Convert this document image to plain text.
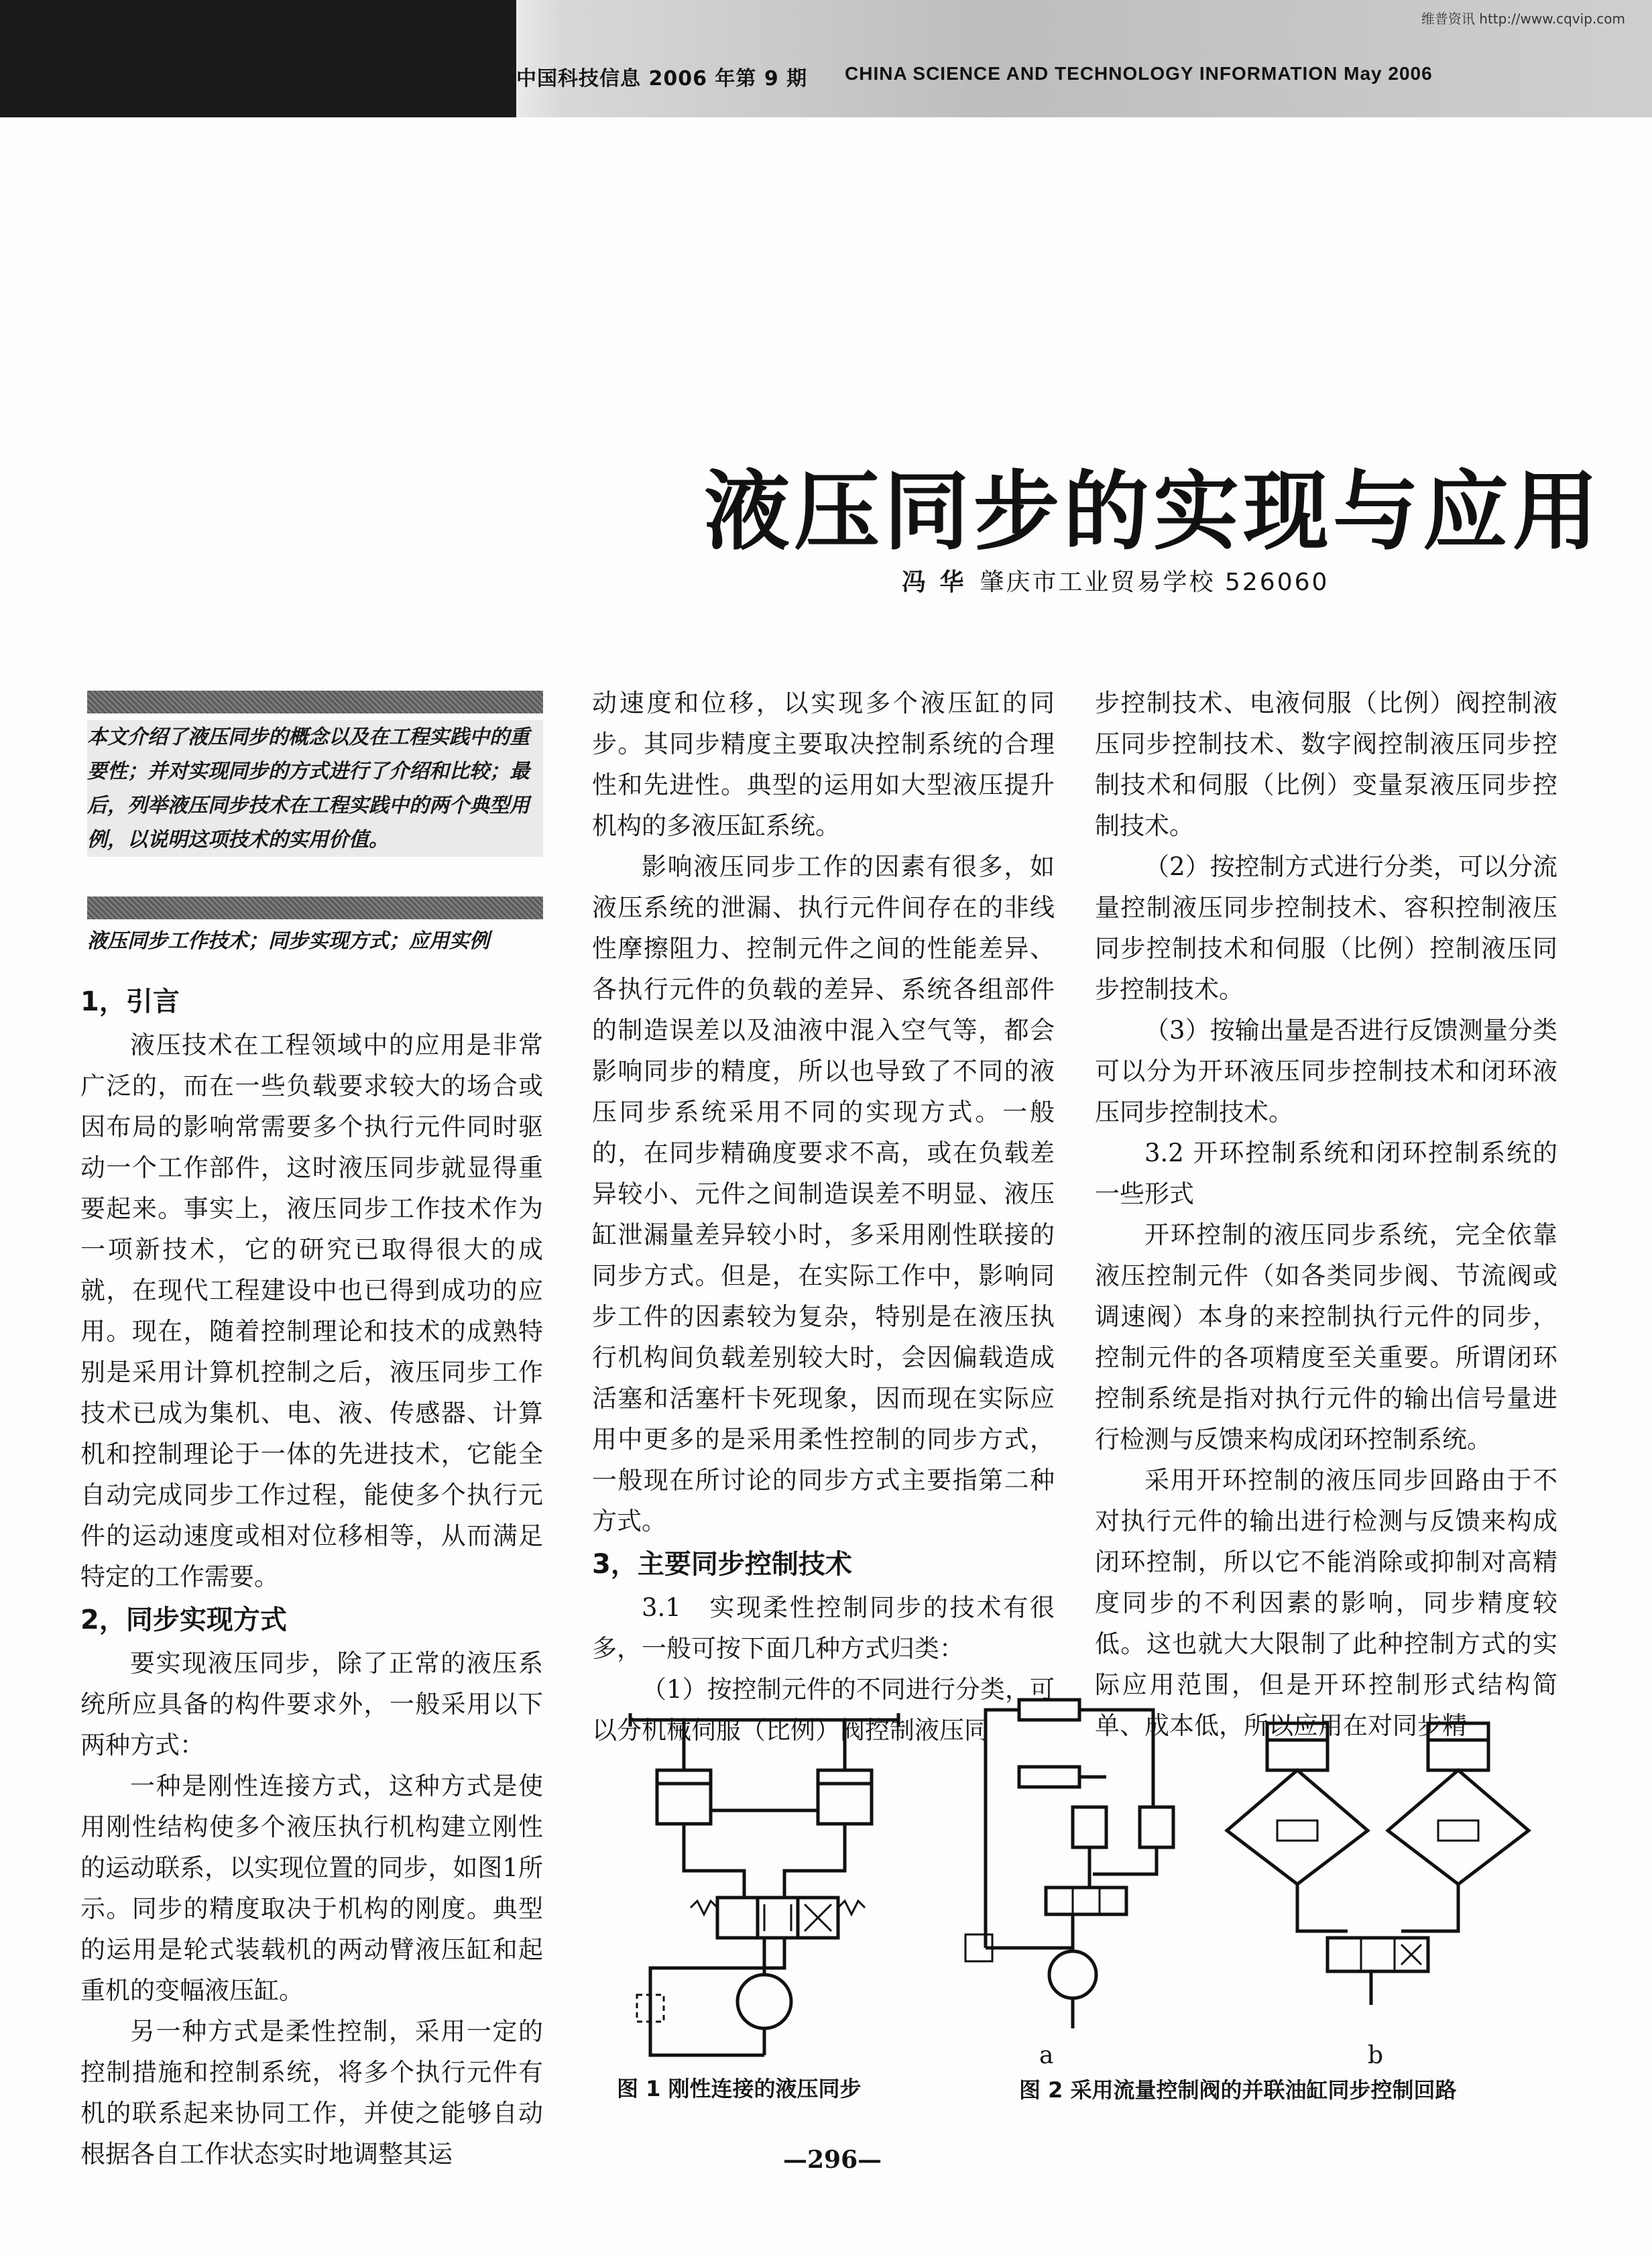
中国科技信息 2006 年第 9 期 CHINA SCIENCE AND TECHNOLOGY INFORMATION May 2006
维普资讯 http://www.cqvip.com
液压同步的实现与应用
冯 华 肇庆市工业贸易学校 526060
本文介绍了液压同步的概念以及在工程实践中的重要性；并对实现同步的方式进行了介绍和比较；最后，列举液压同步技术在工程实践中的两个典型用例，以说明这项技术的实用价值。
液压同步工作技术；同步实现方式；应用实例
1，引言

液压技术在工程领域中的应用是非常广泛的，而在一些负载要求较大的场合或因布局的影响常需要多个执行元件同时驱动一个工作部件，这时液压同步就显得重要起来。事实上，液压同步工作技术作为一项新技术，它的研究已取得很大的成就，在现代工程建设中也已得到成功的应用。现在，随着控制理论和技术的成熟特别是采用计算机控制之后，液压同步工作技术已成为集机、电、液、传感器、计算机和控制理论于一体的先进技术，它能全自动完成同步工作过程，能使多个执行元件的运动速度或相对位移相等，从而满足特定的工作需要。

2，同步实现方式

要实现液压同步，除了正常的液压系统所应具备的构件要求外，一般采用以下两种方式：

一种是刚性连接方式，这种方式是使用刚性结构使多个液压执行机构建立刚性的运动联系，以实现位置的同步，如图1所示。同步的精度取决于机构的刚度。典型的运用是轮式装载机的两动臂液压缸和起重机的变幅液压缸。

另一种方式是柔性控制，采用一定的控制措施和控制系统，将多个执行元件有机的联系起来协同工作，并使之能够自动根据各自工作状态实时地调整其运

动速度和位移，以实现多个液压缸的同步。其同步精度主要取决控制系统的合理性和先进性。典型的运用如大型液压提升机构的多液压缸系统。

影响液压同步工作的因素有很多，如液压系统的泄漏、执行元件间存在的非线性摩擦阻力、控制元件之间的性能差异、各执行元件的负载的差异、系统各组部件的制造误差以及油液中混入空气等，都会影响同步的精度，所以也导致了不同的液压同步系统采用不同的实现方式。一般的，在同步精确度要求不高，或在负载差异较小、元件之间制造误差不明显、液压缸泄漏量差异较小时，多采用刚性联接的同步方式。但是，在实际工作中，影响同步工件的因素较为复杂，特别是在液压执行机构间负载差别较大时，会因偏载造成活塞和活塞杆卡死现象，因而现在实际应用中更多的是采用柔性控制的同步方式，一般现在所讨论的同步方式主要指第二种方式。

3，主要同步控制技术

3.1　实现柔性控制同步的技术有很多，一般可按下面几种方式归类：

（1）按控制元件的不同进行分类，可以分机械伺服（比例）阀控制液压同

步控制技术、电液伺服（比例）阀控制液压同步控制技术、数字阀控制液压同步控制技术和伺服（比例）变量泵液压同步控制技术。

（2）按控制方式进行分类，可以分流量控制液压同步控制技术、容积控制液压同步控制技术和伺服（比例）控制液压同步控制技术。

（3）按输出量是否进行反馈测量分类可以分为开环液压同步控制技术和闭环液压同步控制技术。

3.2 开环控制系统和闭环控制系统的一些形式

开环控制的液压同步系统，完全依靠液压控制元件（如各类同步阀、节流阀或调速阀）本身的来控制执行元件的同步，控制元件的各项精度至关重要。所谓闭环控制系统是指对执行元件的输出信号量进行检测与反馈来构成闭环控制系统。

采用开环控制的液压同步回路由于不对执行元件的输出进行检测与反馈来构成闭环控制，所以它不能消除或抑制对高精度同步的不利因素的影响，同步精度较低。这也就大大限制了此种控制方式的实际应用范围，但是开环控制形式结构简单、成本低，所以应用在对同步精

图 1 刚性连接的液压同步
a	b
图 2 采用流量控制阀的并联油缸同步控制回路
—296—
